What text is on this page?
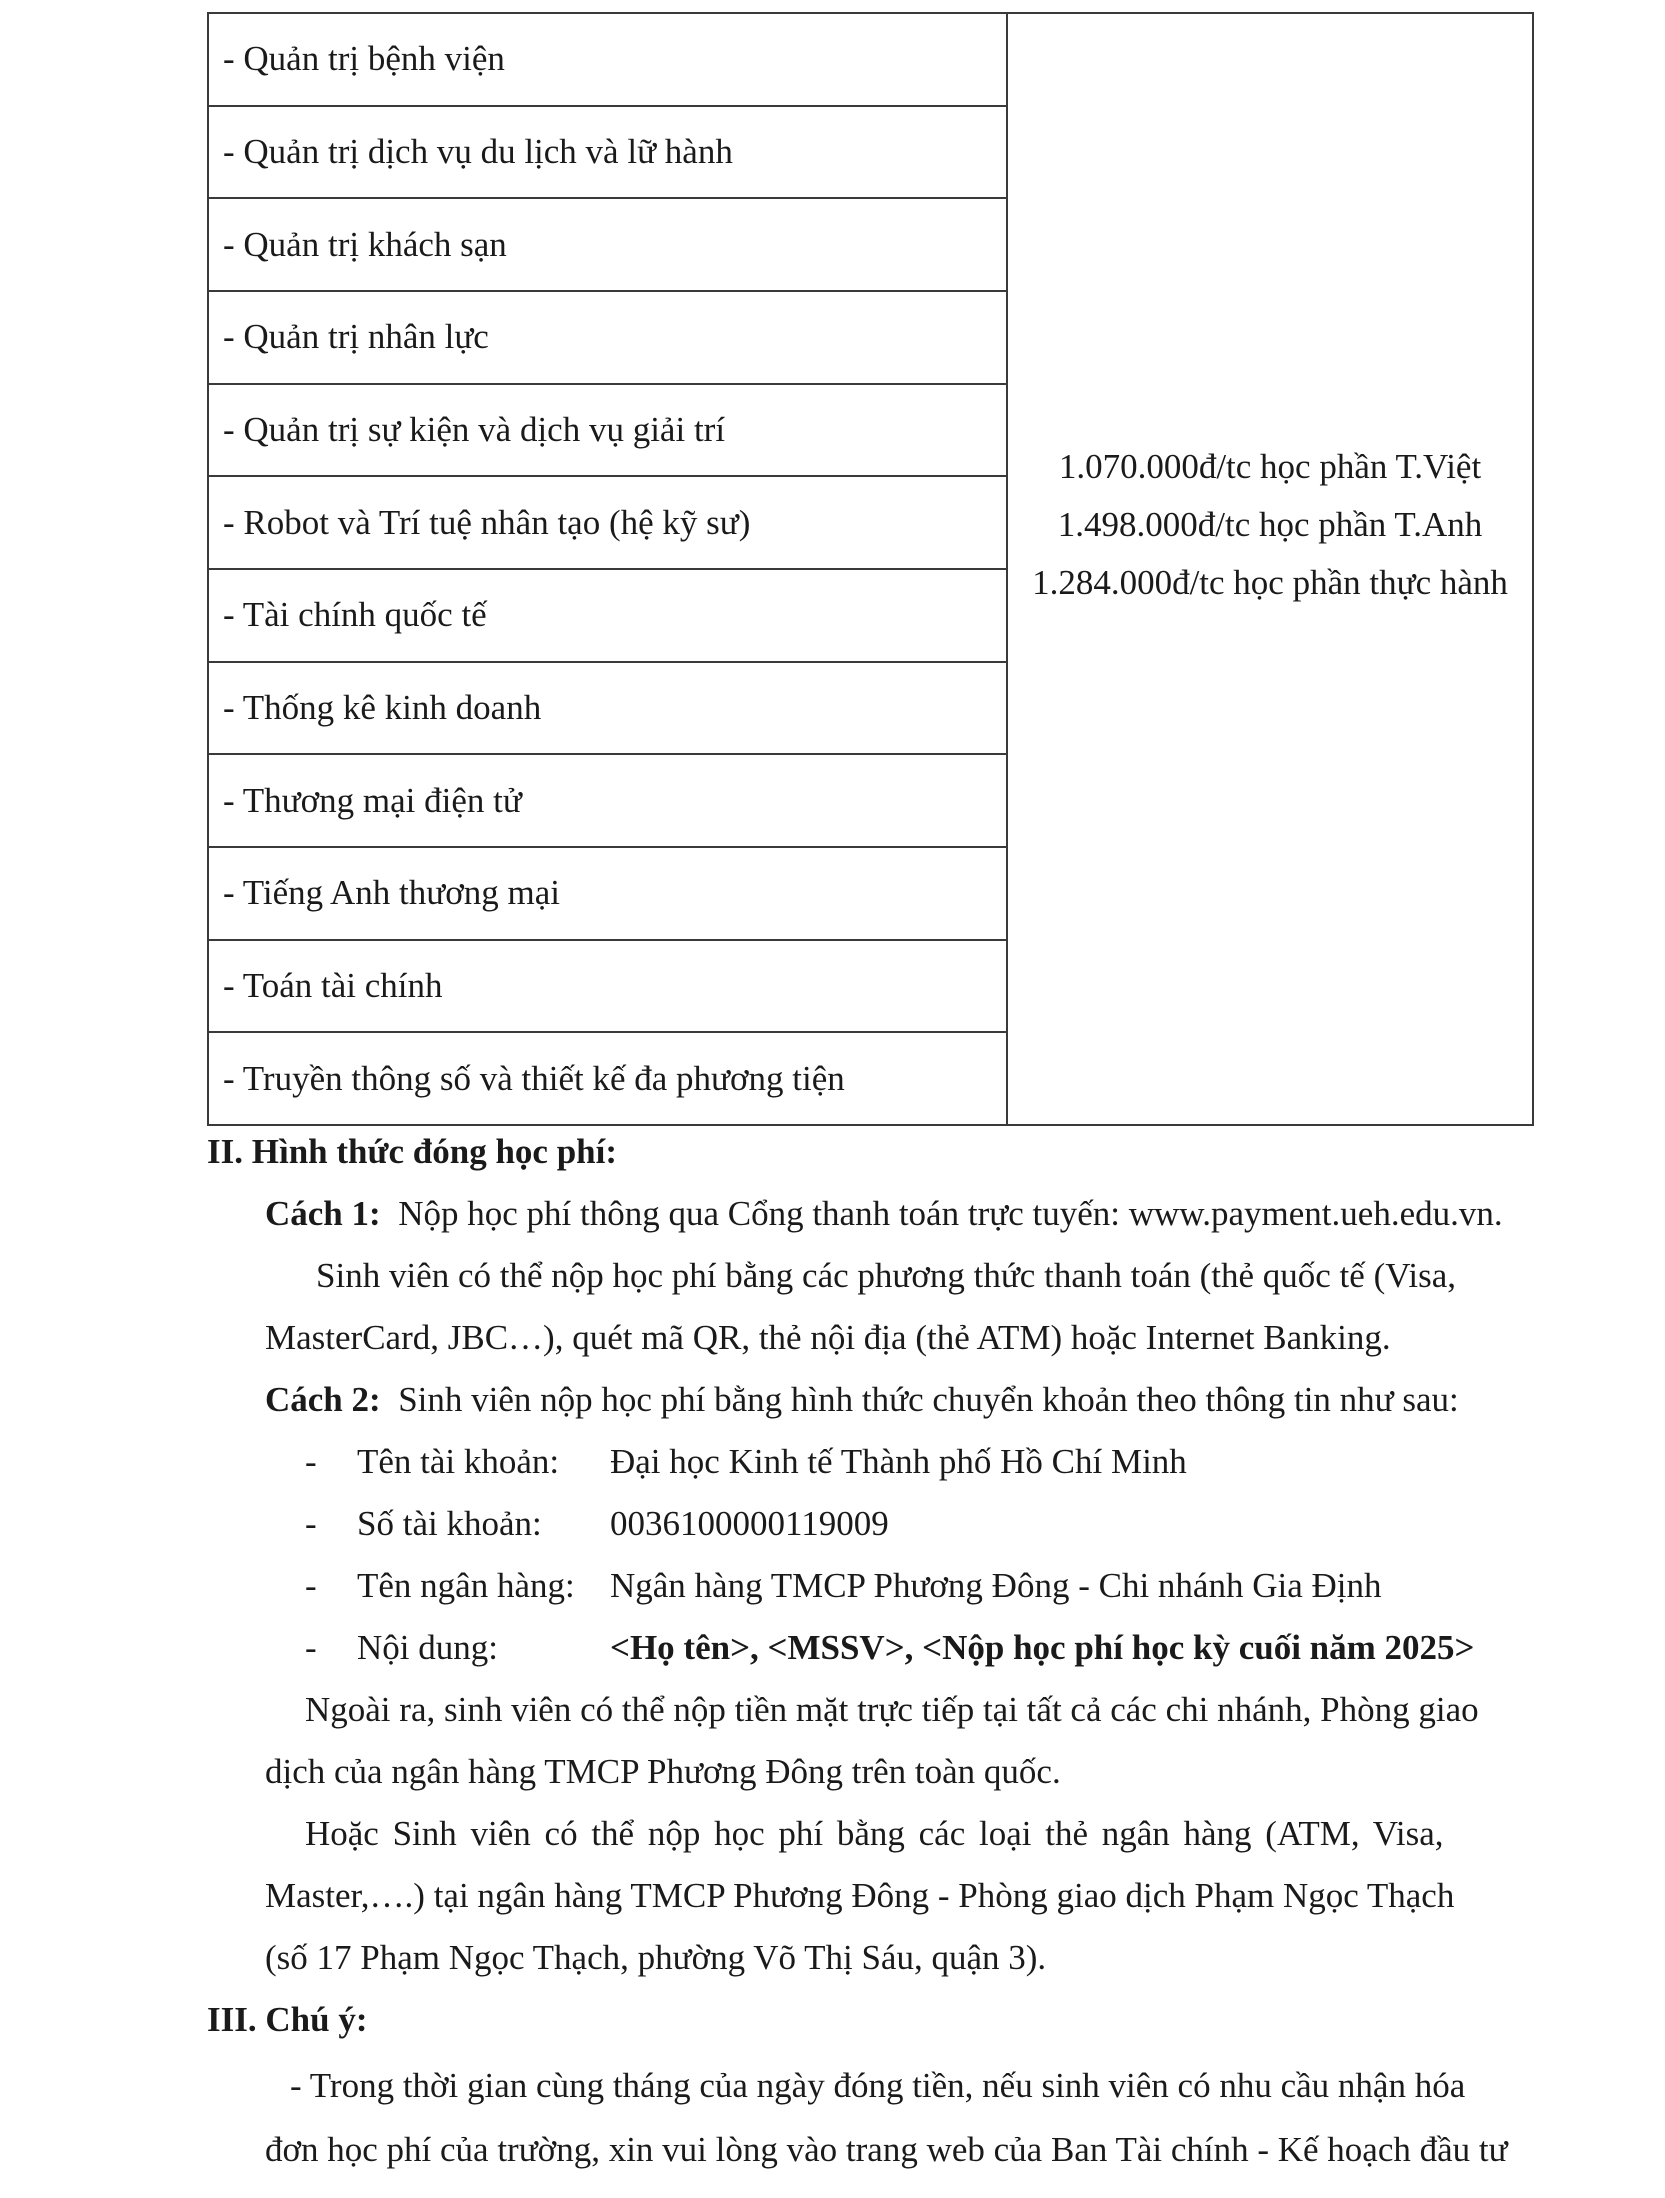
- Quản trị bệnh viện
- Quản trị dịch vụ du lịch và lữ hành
- Quản trị khách sạn
- Quản trị nhân lực
- Quản trị sự kiện và dịch vụ giải trí
- Robot và Trí tuệ nhân tạo (hệ kỹ sư)
- Tài chính quốc tế
- Thống kê kinh doanh
- Thương mại điện tử
- Tiếng Anh thương mại
- Toán tài chính
- Truyền thông số và thiết kế đa phương tiện
1.070.000đ/tc học phần T.Việt
1.498.000đ/tc học phần T.Anh
1.284.000đ/tc học phần thực hành
II. Hình thức đóng học phí:
Cách 1: Nộp học phí thông qua Cổng thanh toán trực tuyến: www.payment.ueh.edu.vn.
Sinh viên có thể nộp học phí bằng các phương thức thanh toán (thẻ quốc tế (Visa,
MasterCard, JBC…), quét mã QR, thẻ nội địa (thẻ ATM) hoặc Internet Banking.
Cách 2: Sinh viên nộp học phí bằng hình thức chuyển khoản theo thông tin như sau:
- Tên tài khoản: Đại học Kinh tế Thành phố Hồ Chí Minh
- Số tài khoản: 0036100000119009
- Tên ngân hàng: Ngân hàng TMCP Phương Đông - Chi nhánh Gia Định
- Nội dung:	<Họ tên>, <MSSV>, <Nộp học phí học kỳ cuối năm 2025>
Ngoài ra, sinh viên có thể nộp tiền mặt trực tiếp tại tất cả các chi nhánh, Phòng giao
dịch của ngân hàng TMCP Phương Đông trên toàn quốc.
Hoặc Sinh viên có thể nộp học phí bằng các loại thẻ ngân hàng (ATM, Visa,
Master,….) tại ngân hàng TMCP Phương Đông - Phòng giao dịch Phạm Ngọc Thạch
(số 17 Phạm Ngọc Thạch, phường Võ Thị Sáu, quận 3).
III. Chú ý:
- Trong thời gian cùng tháng của ngày đóng tiền, nếu sinh viên có nhu cầu nhận hóa
đơn học phí của trường, xin vui lòng vào trang web của Ban Tài chính - Kế hoạch đầu tư
